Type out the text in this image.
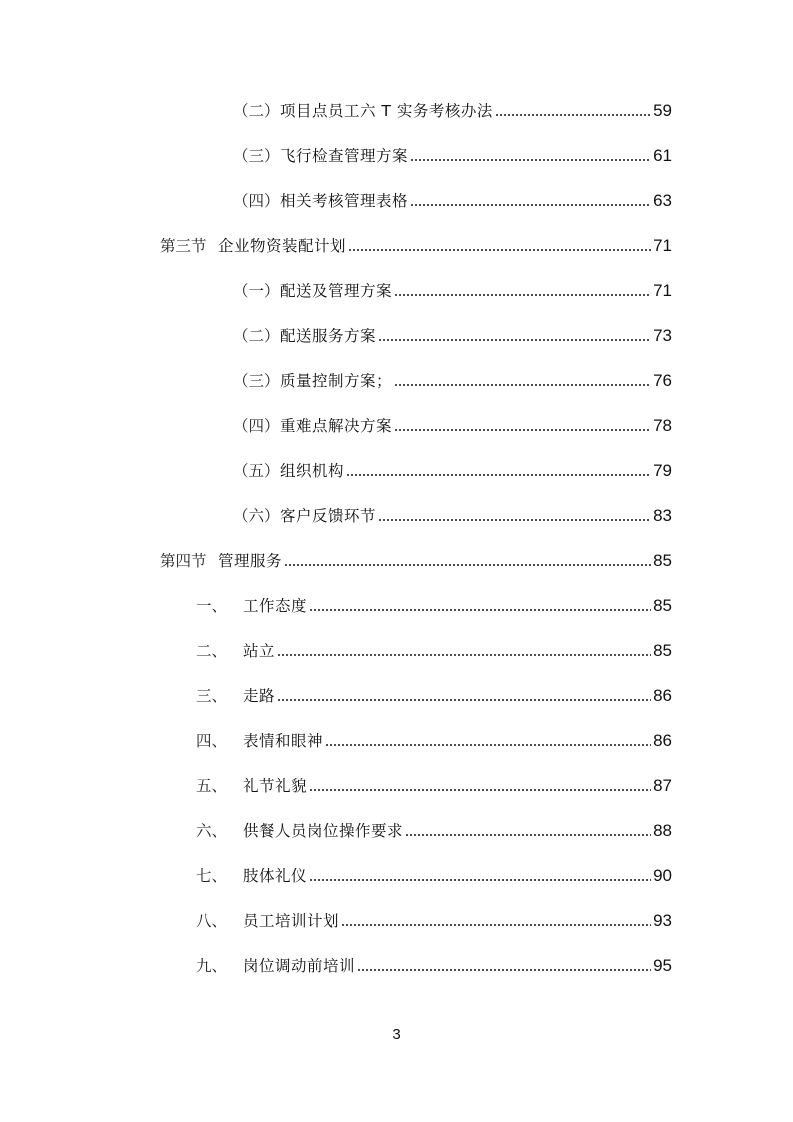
（二） 项目点员工六 T 实务考核办法	59
（三） 飞行检查管理方案	61
（四） 相关考核管理表格	63
第三节 企业物资装配计划	71
（一） 配送及管理方案	71
（二） 配送服务方案	73
（三） 质量控制方案；	76
（四） 重难点解决方案	78
（五） 组织机构	79
（六） 客户反馈环节	83
第四节 管理服务	85
一、	工作态度	85
二、	站立	85
三、	走路	86
四、	表情和眼神	86
五、	礼节礼貌	87
六、	供餐人员岗位操作要求	88
七、	肢体礼仪	90
八、	员工培训计划	93
九、	岗位调动前培训	95
3
